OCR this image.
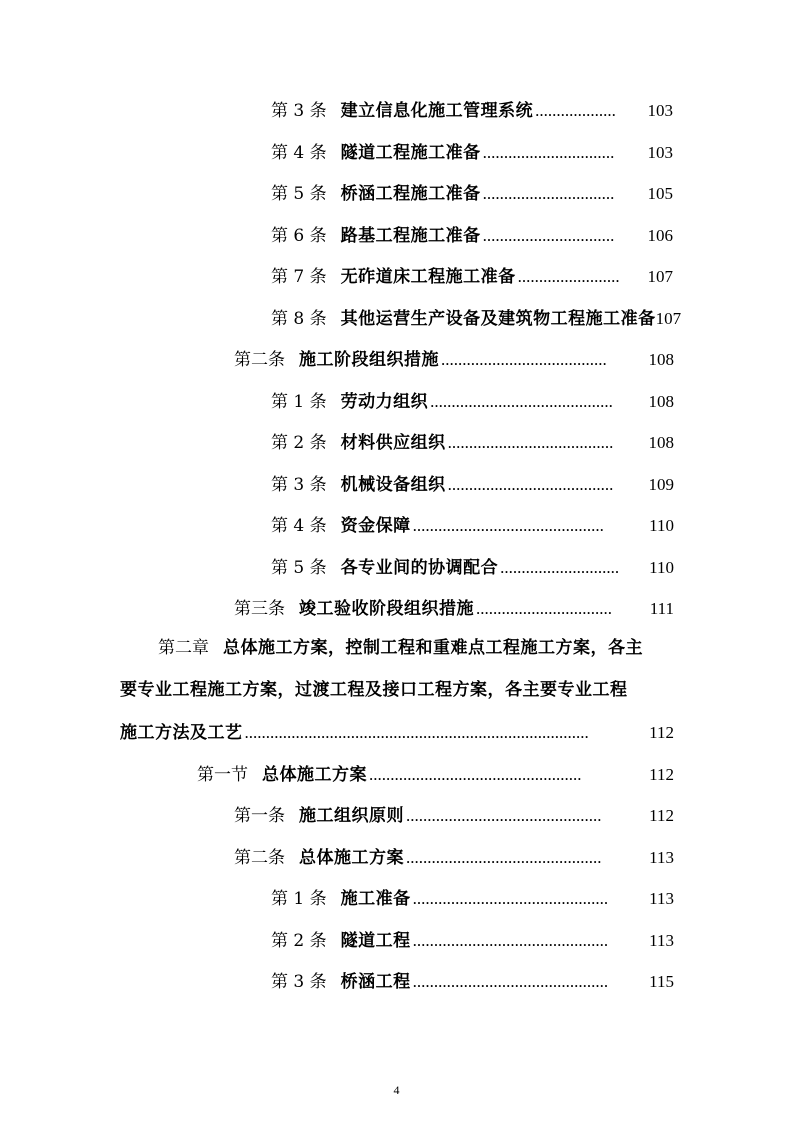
第 3 条 建立信息化施工管理系统 ...................	103
第 4 条 隧道工程施工准备 ...............................	103
第 5 条 桥涵工程施工准备 ...............................	105
第 6 条 路基工程施工准备 ...............................	106
第 7 条 无砟道床工程施工准备 ........................	107
第 8 条 其他运营生产设备及建筑物工程施工准备 107
第二条 施工阶段组织措施 .......................................	108
第 1 条 劳动力组织 ...........................................	108
第 2 条 材料供应组织 .......................................	108
第 3 条 机械设备组织 .......................................	109
第 4 条 资金保障 .............................................	110
第 5 条 各专业间的协调配合 ............................	110
第三条 竣工验收阶段组织措施 ................................	111
第二章 总体施工方案，控制工程和重难点工程施工方案，各主
要专业工程施工方案，过渡工程及接口工程方案，各主要专业工程
施工方法及工艺 .................................................................................	112
第一节 总体施工方案 ..................................................	112
第一条 施工组织原则 ..............................................	112
第二条 总体施工方案 ..............................................	113
第 1 条 施工准备 ..............................................	113
第 2 条 隧道工程 ..............................................	113
第 3 条 桥涵工程 ..............................................	115
4
